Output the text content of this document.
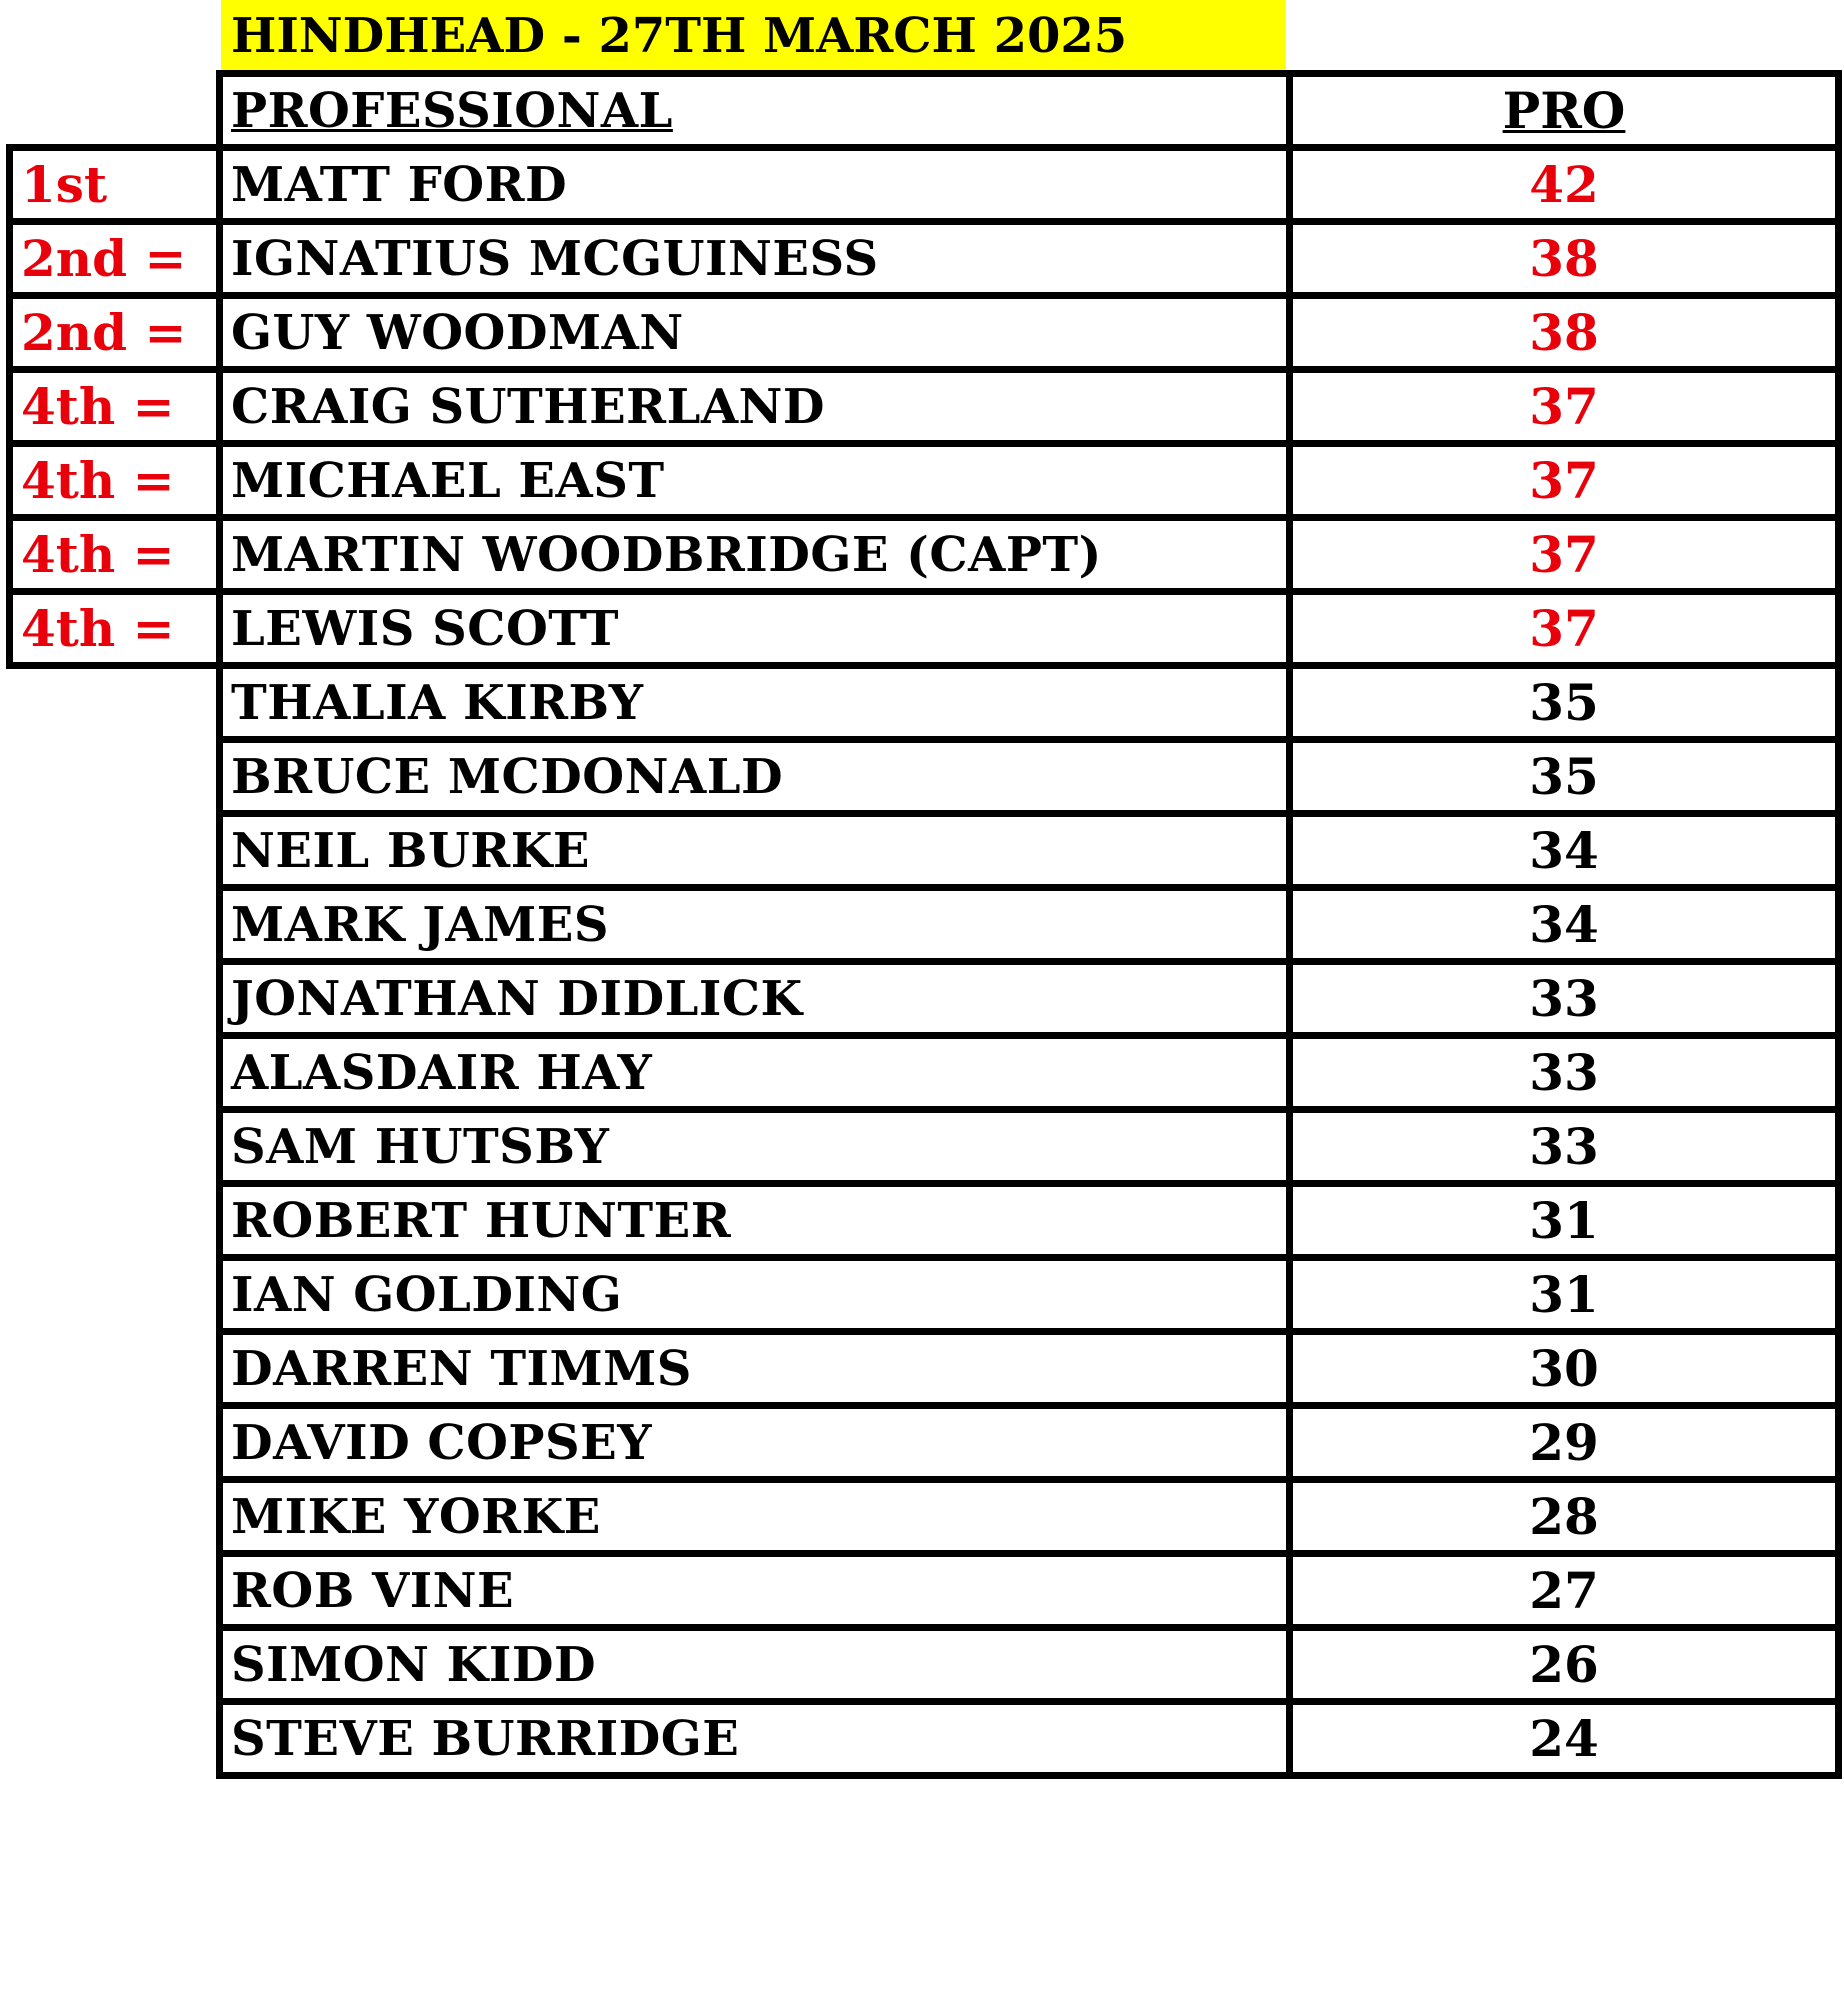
HINDHEAD - 27TH MARCH 2025
	PROFESSIONAL	PRO
1st	MATT FORD	42
2nd =	IGNATIUS MCGUINESS	38
2nd =	GUY WOODMAN	38
4th =	CRAIG SUTHERLAND	37
4th =	MICHAEL EAST	37
4th =	MARTIN WOODBRIDGE (CAPT)	37
4th =	LEWIS SCOTT	37
	THALIA KIRBY	35
	BRUCE MCDONALD	35
	NEIL BURKE	34
	MARK JAMES	34
	JONATHAN DIDLICK	33
	ALASDAIR HAY	33
	SAM HUTSBY	33
	ROBERT HUNTER	31
	IAN GOLDING	31
	DARREN TIMMS	30
	DAVID COPSEY	29
	MIKE YORKE	28
	ROB VINE	27
	SIMON KIDD	26
	STEVE BURRIDGE	24
